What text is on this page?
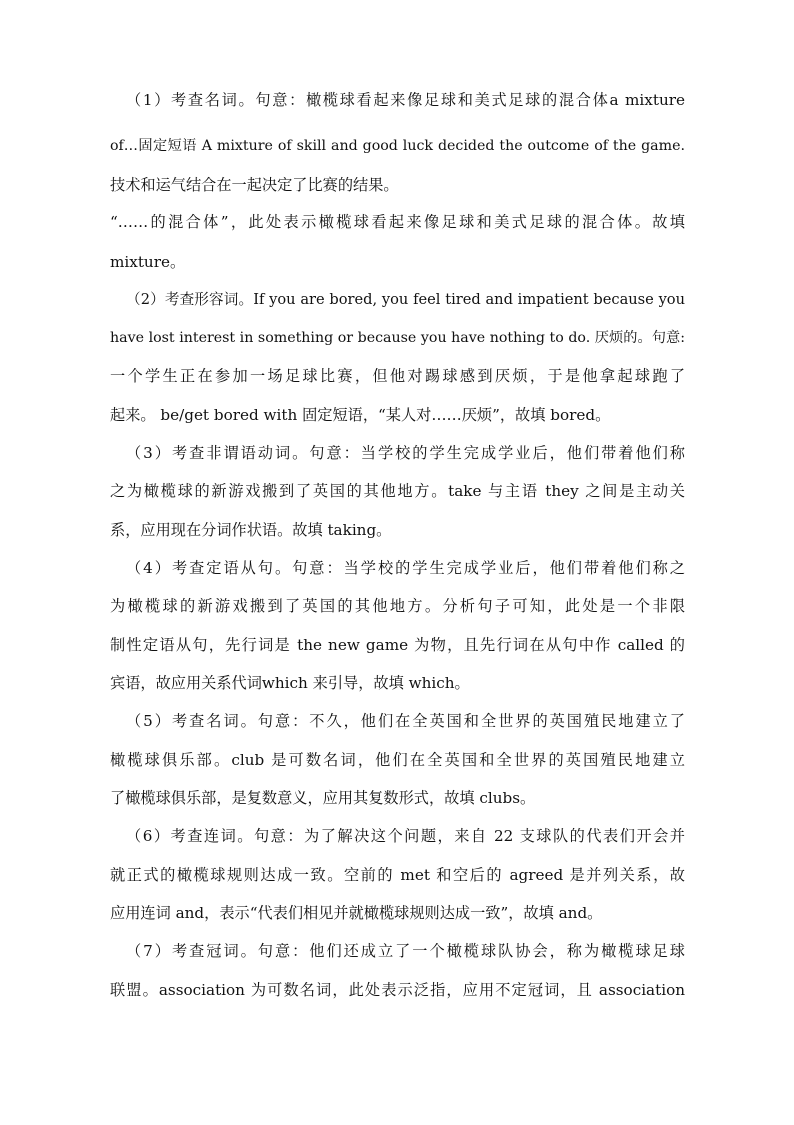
（1）考查名词。句意：橄榄球看起来像足球和美式足球的混合体a mixture
of…固定短语 A mixture of skill and good luck decided the outcome of the game.
技术和运气结合在一起决定了比赛的结果。
“……的混合体”，此处表示橄榄球看起来像足球和美式足球的混合体。故填
mixture。
（2）考查形容词。If you are bored, you feel tired and impatient because you
have lost interest in something or because you have nothing to do. 厌烦的。句意:
一个学生正在参加一场足球比赛，但他对踢球感到厌烦，于是他拿起球跑了
起来。 be/get bored with 固定短语，“某人对……厌烦”，故填 bored。
（3）考查非谓语动词。句意：当学校的学生完成学业后，他们带着他们称
之为橄榄球的新游戏搬到了英国的其他地方。take 与主语 they 之间是主动关
系，应用现在分词作状语。故填 taking。
（4）考查定语从句。句意：当学校的学生完成学业后，他们带着他们称之
为橄榄球的新游戏搬到了英国的其他地方。分析句子可知，此处是一个非限
制性定语从句，先行词是 the new game 为物，且先行词在从句中作 called 的
宾语，故应用关系代词which 来引导，故填 which。
（5）考查名词。句意：不久，他们在全英国和全世界的英国殖民地建立了
橄榄球俱乐部。club 是可数名词，他们在全英国和全世界的英国殖民地建立
了橄榄球俱乐部，是复数意义，应用其复数形式，故填 clubs。
（6）考查连词。句意：为了解决这个问题，来自 22 支球队的代表们开会并
就正式的橄榄球规则达成一致。空前的 met 和空后的 agreed 是并列关系，故
应用连词 and，表示“代表们相见并就橄榄球规则达成一致”，故填 and。
（7）考查冠词。句意：他们还成立了一个橄榄球队协会，称为橄榄球足球
联盟。association 为可数名词，此处表示泛指，应用不定冠词，且 association
